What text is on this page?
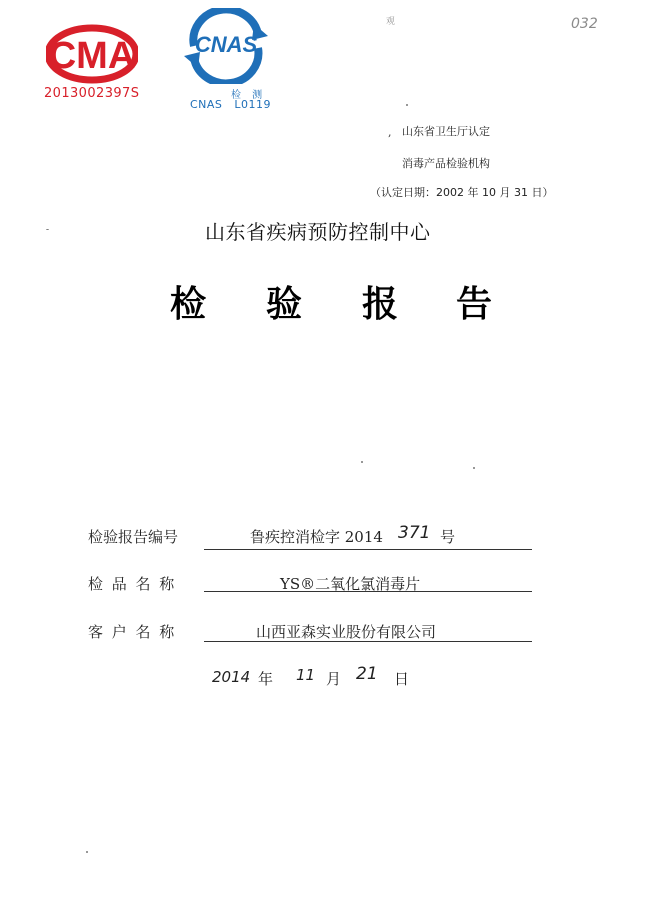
CMA
2013002397S
CNAS
检 测
CNAS   L0119
观	032
, 山东省卫生厅认定
消毒产品检验机构
（认定日期：2002 年 10 月 31 日）
山东省疾病预防控制中心
检 验 报 告
检验报告编号	鲁疾控消检字 2014 371 号
检 品 名 称	YS®二氧化氯消毒片
客 户 名 称	山西亚森实业股份有限公司
2014 年 11 月 21 日
